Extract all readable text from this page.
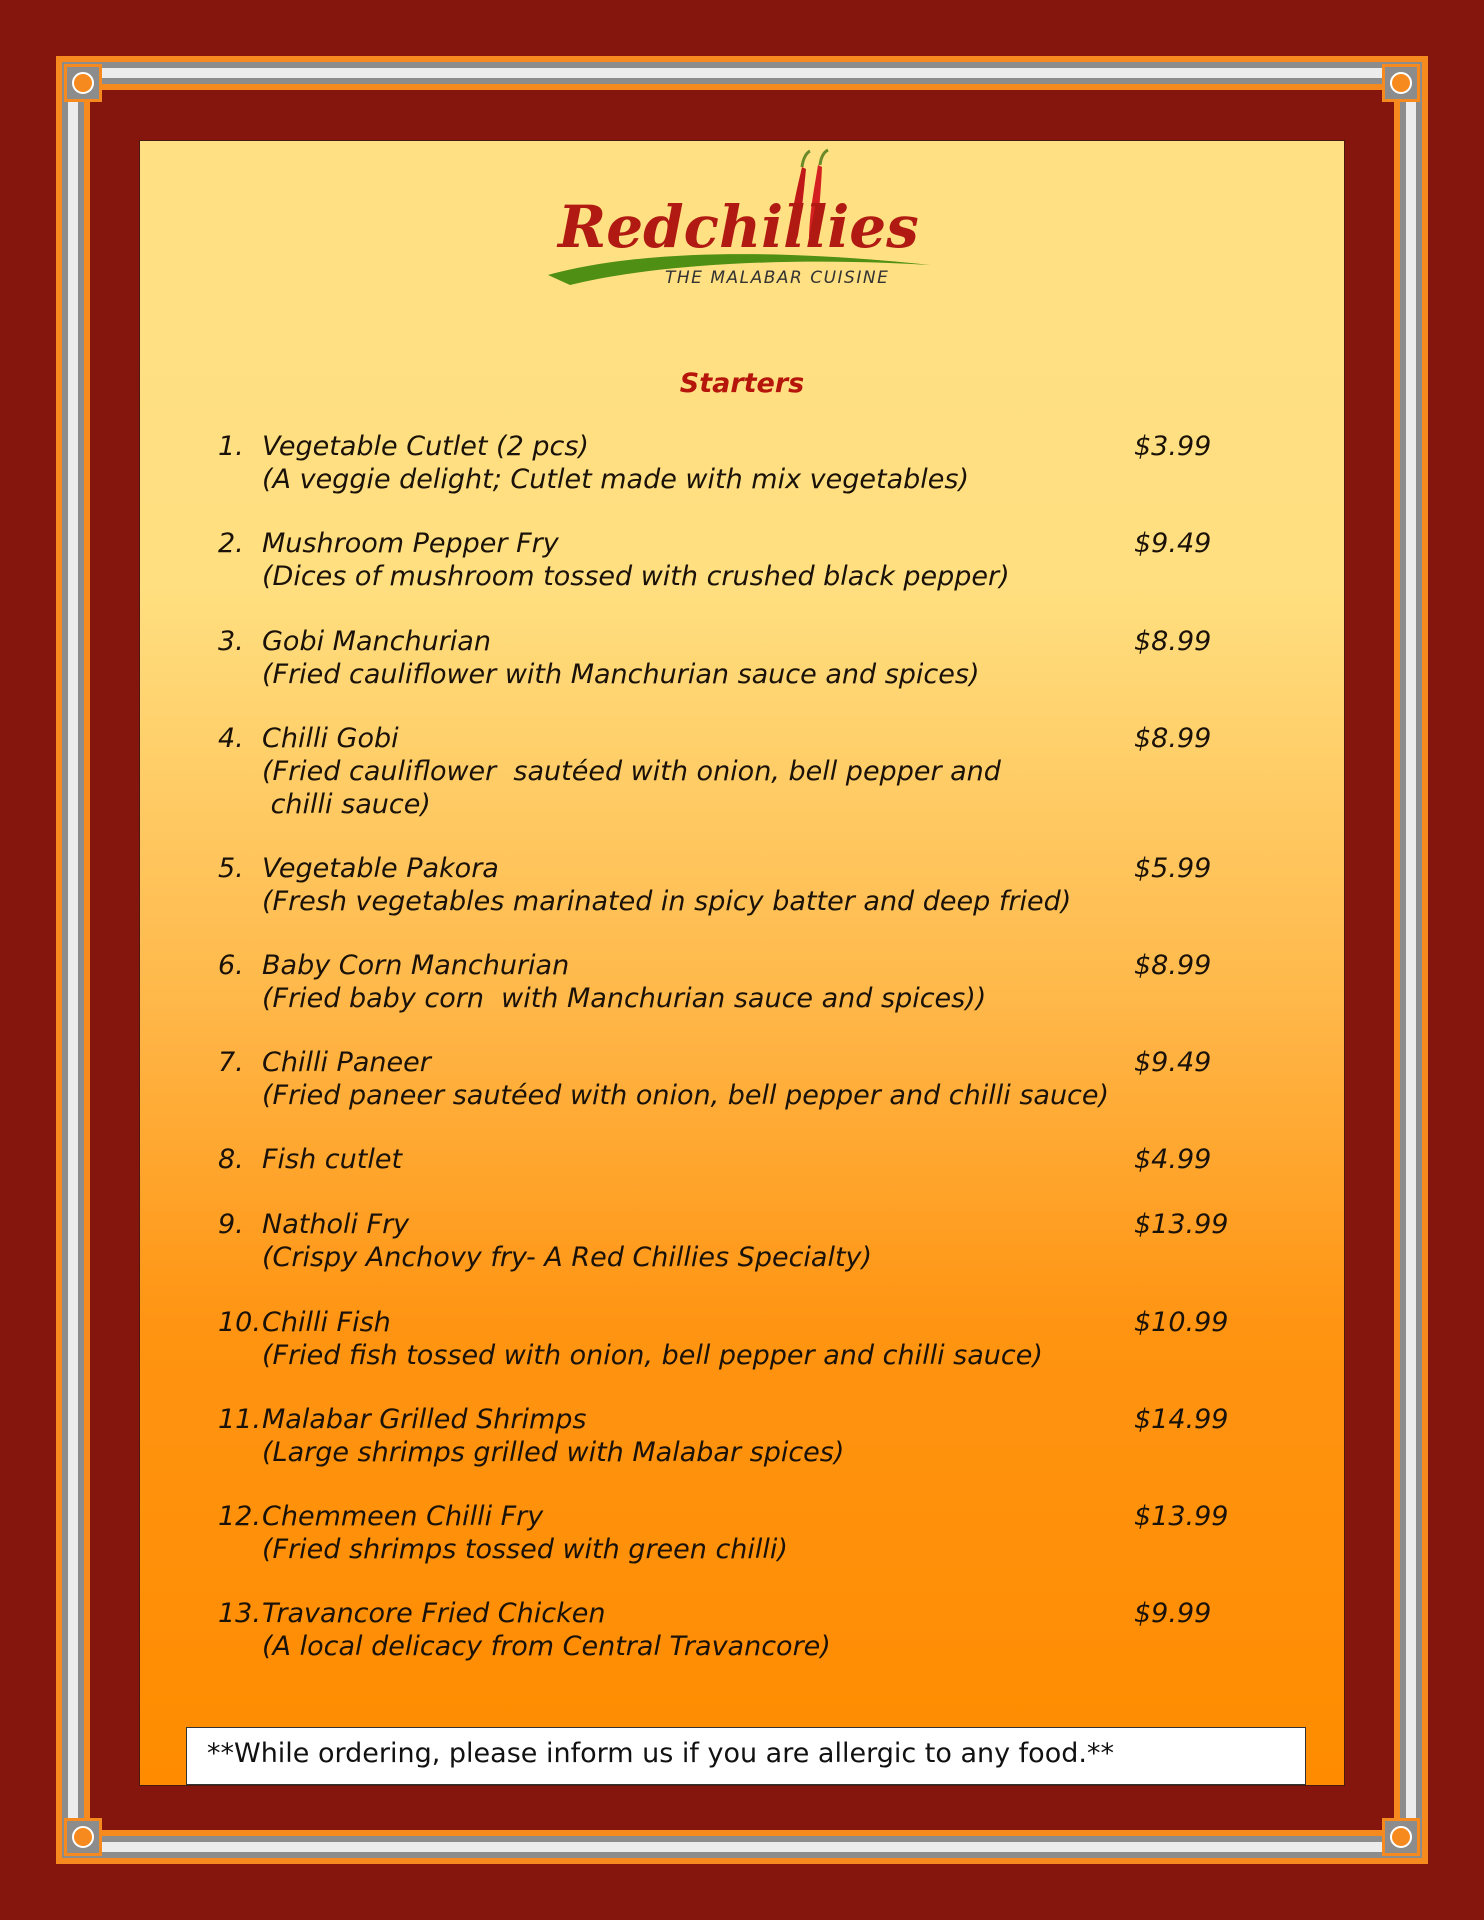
Redchillies
THE MALABAR CUISINE
Starters
1. Vegetable Cutlet (2 pcs)	$3.99
(A veggie delight; Cutlet made with mix vegetables)
2. Mushroom Pepper Fry	$9.49
(Dices of mushroom tossed with crushed black pepper)
3. Gobi Manchurian	$8.99
(Fried cauliflower with Manchurian sauce and spices)
4. Chilli Gobi	$8.99
(Fried cauliflower  sautéed with onion, bell pepper and
chilli sauce)
5. Vegetable Pakora	$5.99
(Fresh vegetables marinated in spicy batter and deep fried)
6. Baby Corn Manchurian	$8.99
(Fried baby corn  with Manchurian sauce and spices))
7. Chilli Paneer	$9.49
(Fried paneer sautéed with onion, bell pepper and chilli sauce)
8. Fish cutlet	$4.99
9. Natholi Fry	$13.99
(Crispy Anchovy fry- A Red Chillies Specialty)
10. Chilli Fish	$10.99
(Fried fish tossed with onion, bell pepper and chilli sauce)
11. Malabar Grilled Shrimps	$14.99
(Large shrimps grilled with Malabar spices)
12. Chemmeen Chilli Fry	$13.99
(Fried shrimps tossed with green chilli)
13. Travancore Fried Chicken	$9.99
(A local delicacy from Central Travancore)
**While ordering, please inform us if you are allergic to any food.**
